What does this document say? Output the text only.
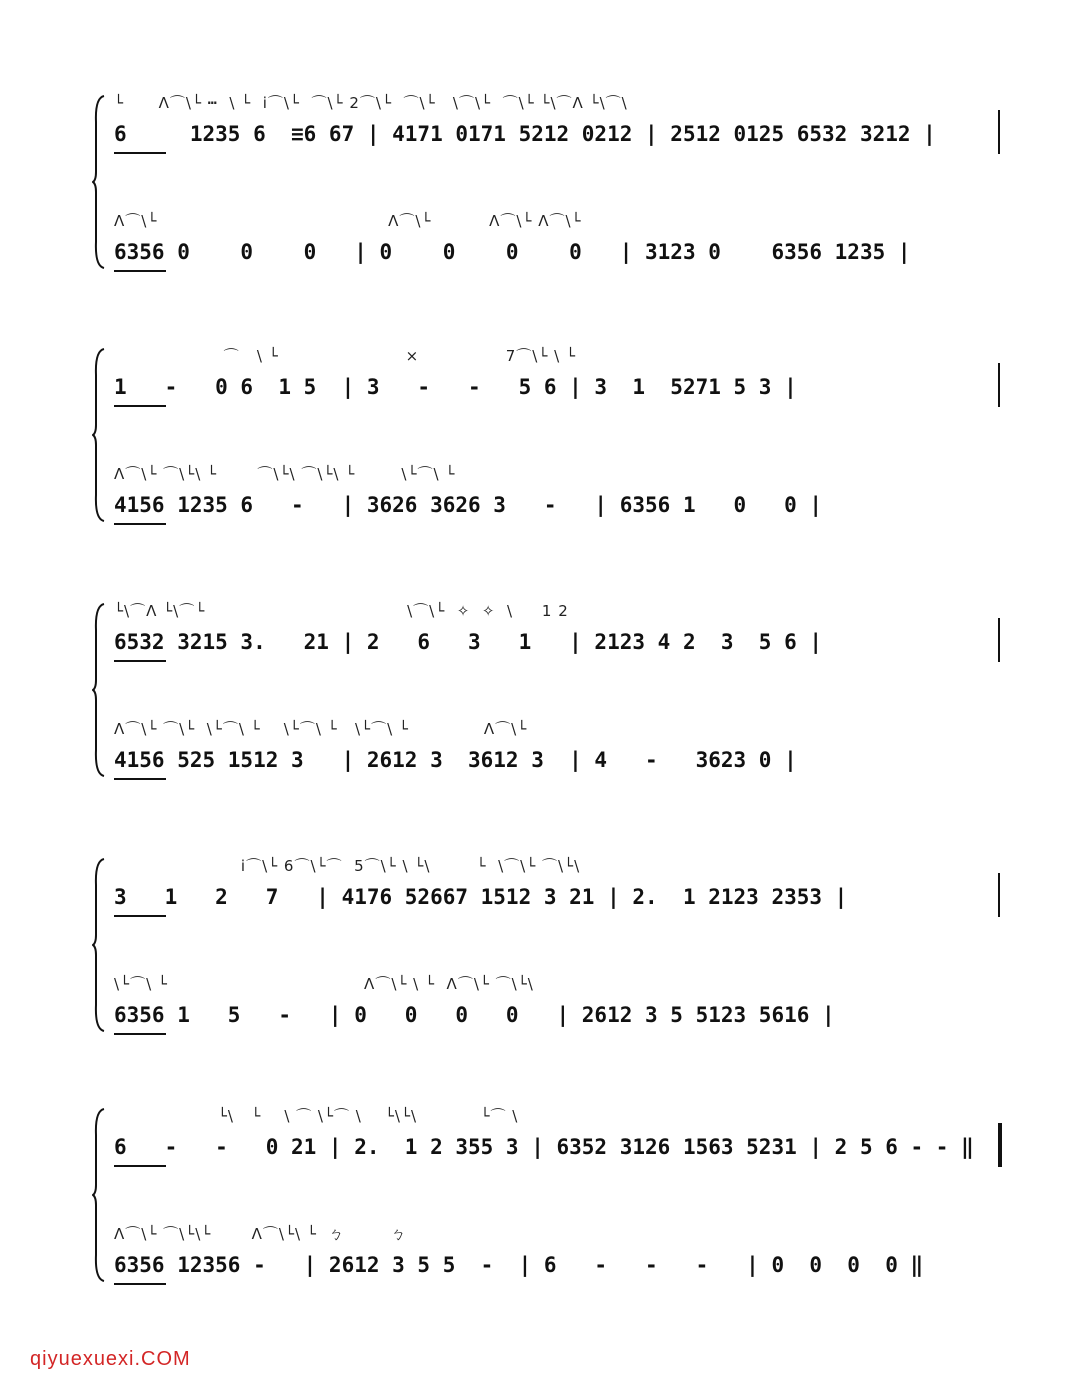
└      Λ⌒\└ ┅  \ └  i⌒\└  ⌒\└ 2⌒\└  ⌒\└   \⌒\└  ⌒\└ └\⌒Λ └\⌒\
6     1235 6  ≡6 67 | 4171 0171 5212 0212 | 2512 0125 6532 3212 |
Λ⌒\└                                        Λ⌒\└          Λ⌒\└ Λ⌒\└
6356 0    0    0   | 0    0    0    0   | 3123 0    6356 1235 |
⌒   \ └                      ×               7⌒\└ \ └
1   -   0 6  1 5  | 3   -   -   5 6 | 3  1  5271 5 3 |
Λ⌒\└ ⌒\└\ └       ⌒\└\ ⌒\└\ └        \└⌒\ └
4156 1235 6   -   | 3626 3626 3   -   | 6356 1   0   0 |
└\⌒Λ └\⌒└                                   \⌒\└  ✧  ✧  \     1 2
6532 3215 3.   21 | 2   6   3   1   | 2123 4 2  3  5 6 |
Λ⌒\└ ⌒\└  \└⌒\ └    \└⌒\ └   \└⌒\ └             Λ⌒\└
4156 525 1512 3   | 2612 3  3612 3  | 4   -   3623 0 |
i⌒\└ 6⌒\└⌒  5⌒\└ \ └\        └  \⌒\└ ⌒\└\
3   1   2   7   | 4176 52667 1512 3 21 | 2.  1 2123 2353 |
\└⌒\ └                                  Λ⌒\└ \ └  Λ⌒\└ ⌒\└\
6356 1   5   -   | 0   0   0   0   | 2612 3 5 5123 5616 |
└\   └    \ ⌒ \└⌒ \    └\└\           └⌒ \
6   -   -   0 21 | 2.  1 2 355 3 | 6352 3126 1563 5231 | 2 5 6 - - ‖
Λ⌒\└ ⌒\└\└       Λ⌒\└\ └  ㄅ        ㄅ
6356 12356 -   | 2612 3 5 5  -  | 6   -   -   -   | 0  0  0  0 ‖
qiyuexuexi.COM
